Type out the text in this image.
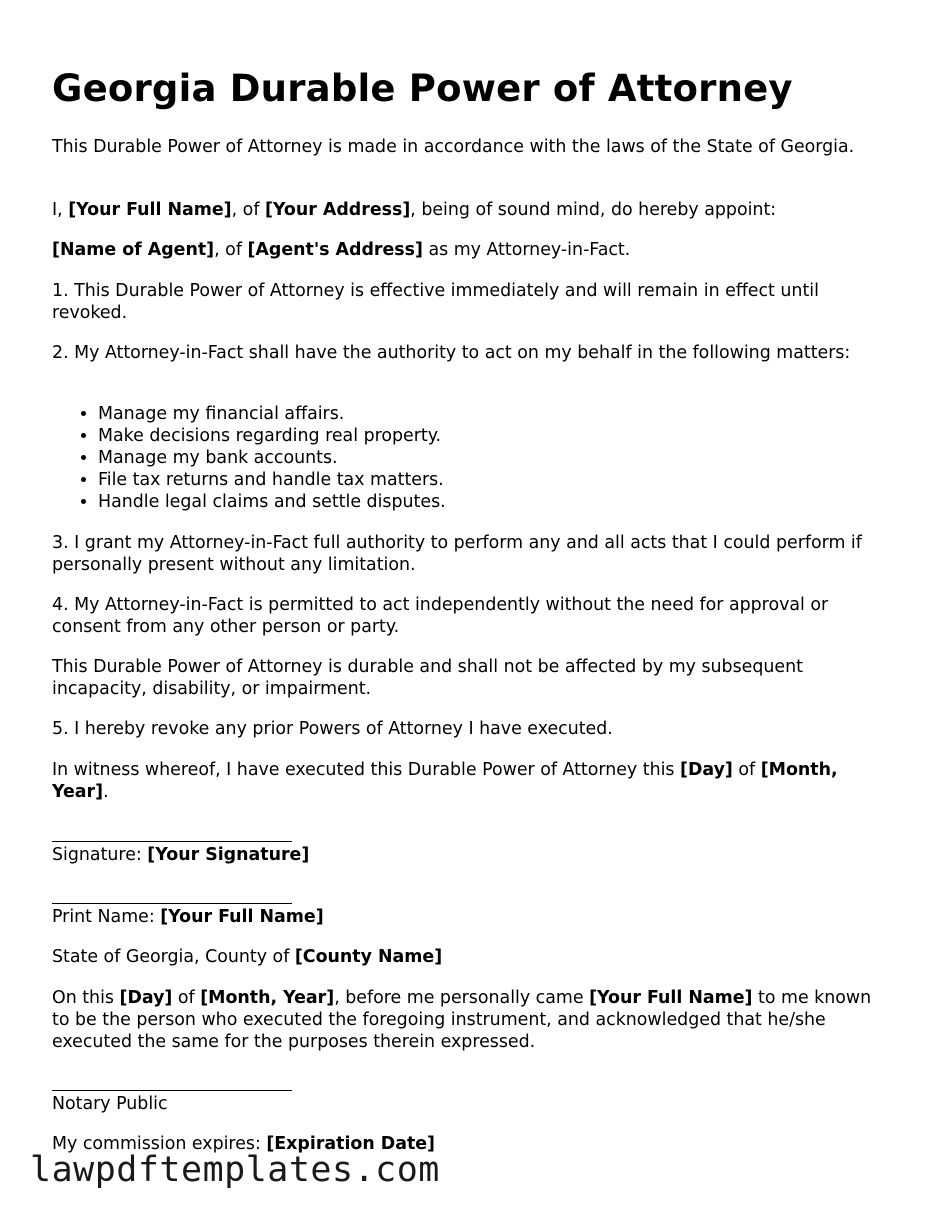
Georgia Durable Power of Attorney

This Durable Power of Attorney is made in accordance with the laws of the State of Georgia.

I, [Your Full Name], of [Your Address], being of sound mind, do hereby appoint:

[Name of Agent], of [Agent's Address] as my Attorney-in-Fact.

1. This Durable Power of Attorney is effective immediately and will remain in effect until revoked.

2. My Attorney-in-Fact shall have the authority to act on my behalf in the following matters:

• Manage my financial affairs.
• Make decisions regarding real property.
• Manage my bank accounts.
• File tax returns and handle tax matters.
• Handle legal claims and settle disputes.

3. I grant my Attorney-in-Fact full authority to perform any and all acts that I could perform if personally present without any limitation.

4. My Attorney-in-Fact is permitted to act independently without the need for approval or consent from any other person or party.

This Durable Power of Attorney is durable and shall not be affected by my subsequent incapacity, disability, or impairment.

5. I hereby revoke any prior Powers of Attorney I have executed.

In witness whereof, I have executed this Durable Power of Attorney this [Day] of [Month, Year].

Signature: [Your Signature]

Print Name: [Your Full Name]

State of Georgia, County of [County Name]

On this [Day] of [Month, Year], before me personally came [Your Full Name] to me known to be the person who executed the foregoing instrument, and acknowledged that he/she executed the same for the purposes therein expressed.

Notary Public

My commission expires: [Expiration Date]

lawpdftemplates.com
